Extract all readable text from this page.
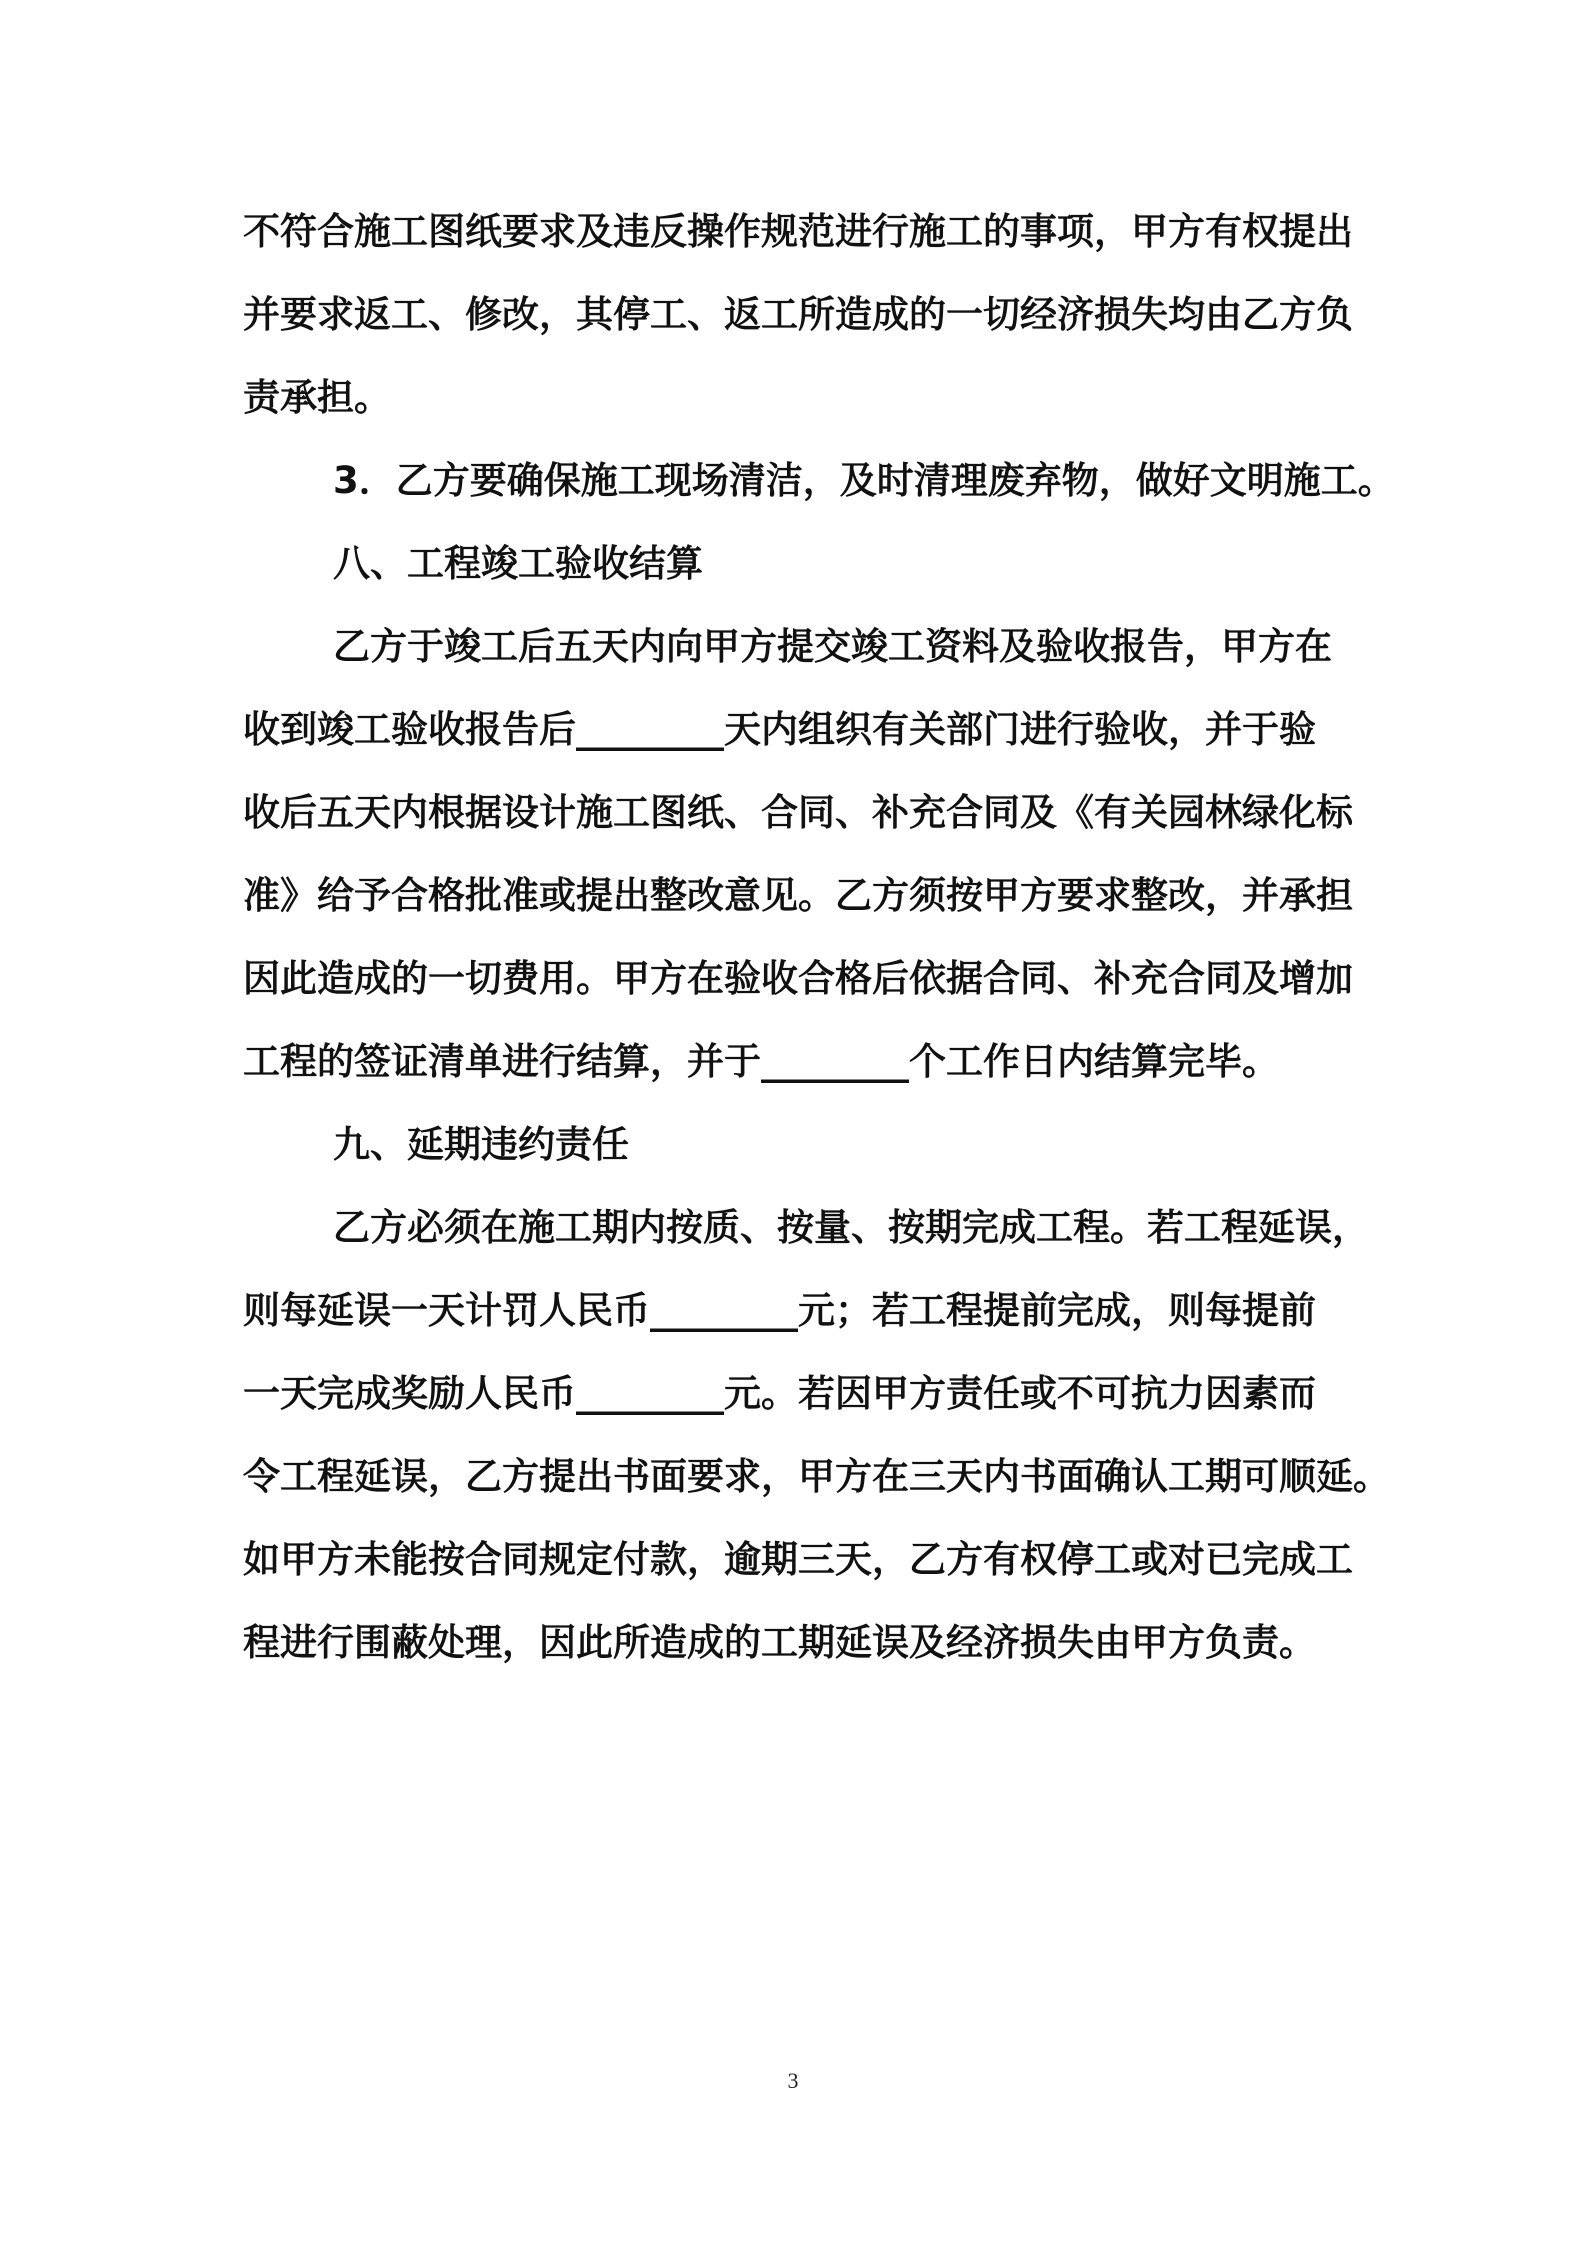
不符合施工图纸要求及违反操作规范进行施工的事项，甲方有权提出
并要求返工、修改，其停工、返工所造成的一切经济损失均由乙方负
责承担。
3．乙方要确保施工现场清洁，及时清理废弃物，做好文明施工。
八、工程竣工验收结算
乙方于竣工后五天内向甲方提交竣工资料及验收报告，甲方在
收到竣工验收报告后________天内组织有关部门进行验收，并于验
收后五天内根据设计施工图纸、合同、补充合同及《有关园林绿化标
准》给予合格批准或提出整改意见。乙方须按甲方要求整改，并承担
因此造成的一切费用。甲方在验收合格后依据合同、补充合同及增加
工程的签证清单进行结算，并于________个工作日内结算完毕。
九、延期违约责任
乙方必须在施工期内按质、按量、按期完成工程。若工程延误，
则每延误一天计罚人民币________元；若工程提前完成，则每提前
一天完成奖励人民币________元。若因甲方责任或不可抗力因素而
令工程延误，乙方提出书面要求，甲方在三天内书面确认工期可顺延。
如甲方未能按合同规定付款，逾期三天，乙方有权停工或对已完成工
程进行围蔽处理，因此所造成的工期延误及经济损失由甲方负责。
3
